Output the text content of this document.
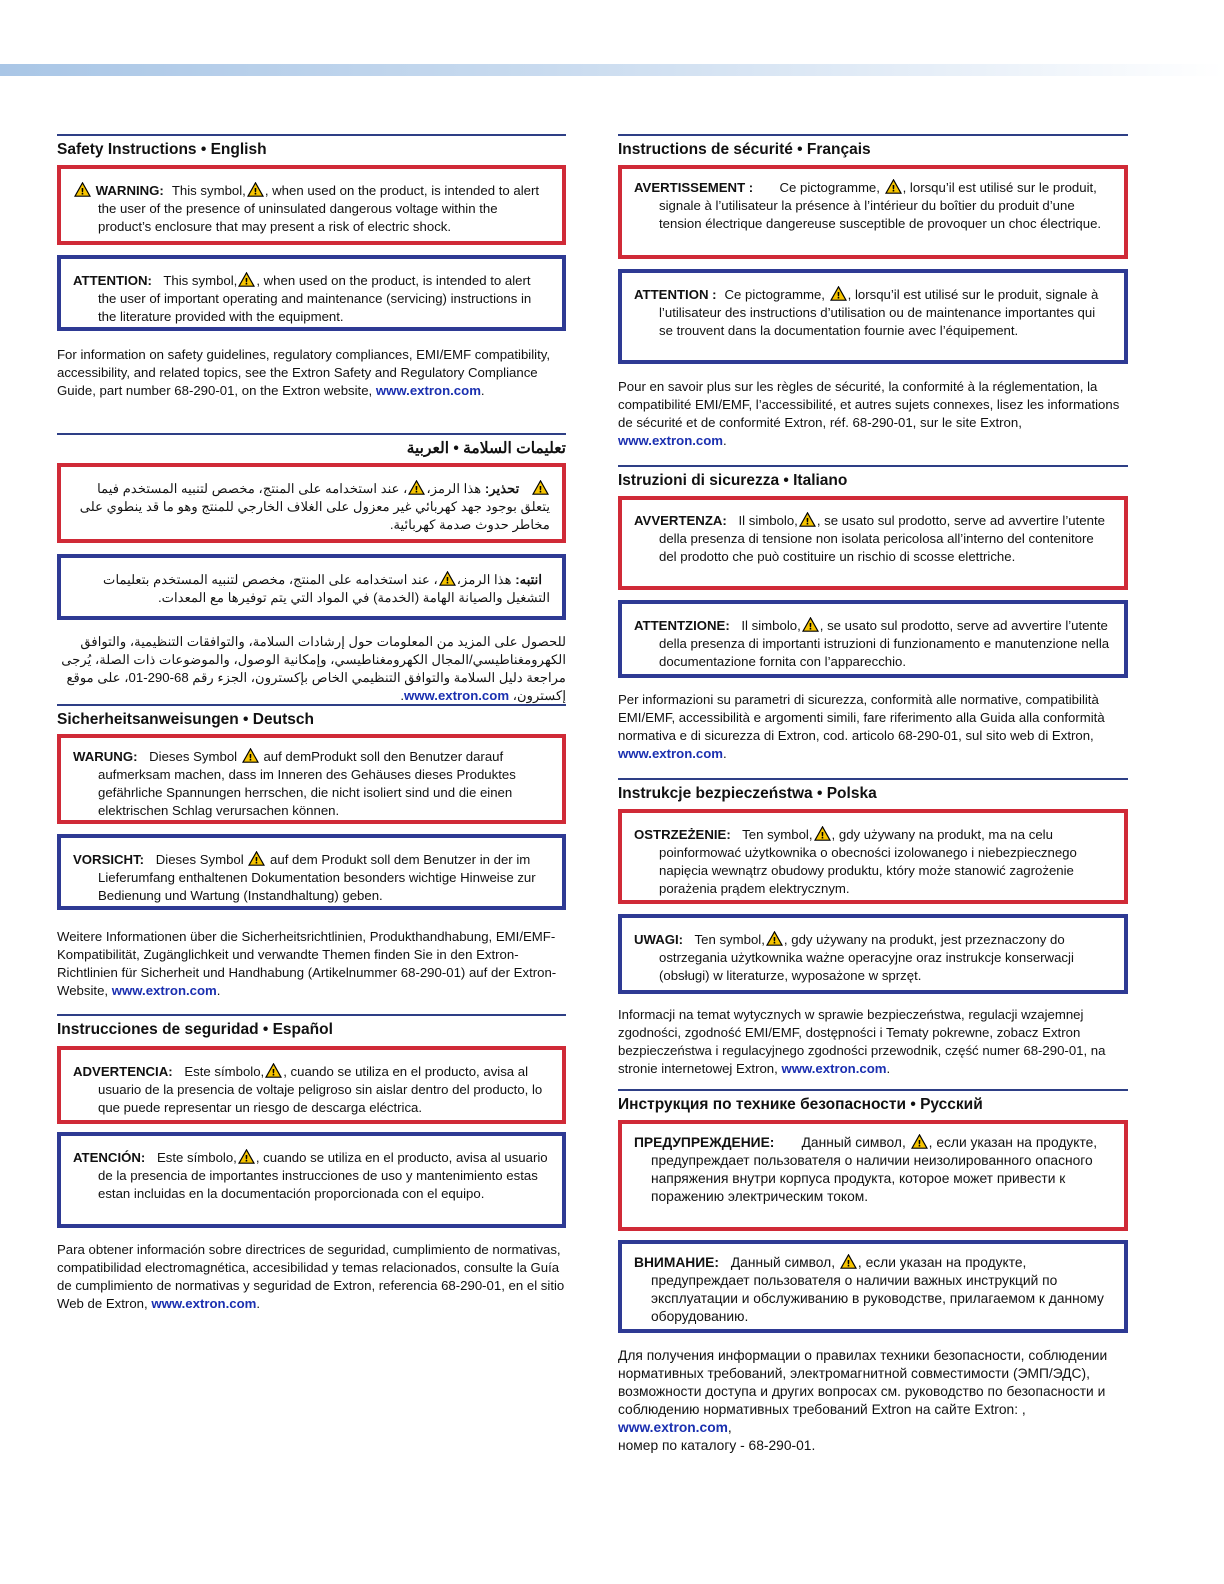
Safety Instructions • English
! WARNING: This symbol, ! , when used on the product, is intended to alert the user of the presence of uninsulated dangerous voltage within the product’s enclosure that may present a risk of electric shock.
ATTENTION: This symbol, ! , when used on the product, is intended to alert the user of important operating and maintenance (servicing) instructions in the literature provided with the equipment.
For information on safety guidelines, regulatory compliances, EMI/EMF compatibility, accessibility, and related topics, see the Extron Safety and Regulatory Compliance Guide, part number 68-290-01, on the Extron website, www.extron.com.
تعليمات السلامة • العربية
!
تحذير: هذا الرمز،
!
، عند استخدامه على المنتج، مخصص لتنبيه المستخدم فيما يتعلق بوجود جهد كهربائي غير معزول على الغلاف الخارجي للمنتج وهو ما قد ينطوي على مخاطر حدوث صدمة كهربائية.
انتبه: هذا الرمز،
!
، عند استخدامه على المنتج، مخصص لتنبيه المستخدم بتعليمات التشغيل والصيانة الهامة (الخدمة) في المواد التي يتم توفيرها مع المعدات.
للحصول على المزيد من المعلومات حول إرشادات السلامة، والتوافقات التنظيمية، والتوافق الكهرومغناطيسي/المجال الكهرومغناطيسي، وإمكانية الوصول، والموضوعات ذات الصلة، يُرجى مراجعة دليل السلامة والتوافق التنظيمي الخاص بإكسترون، الجزء رقم 68-290-01، على موقع إكسترون، www.extron.com.
Sicherheitsanweisungen • Deutsch
WARUNG: Dieses Symbol ! auf demProdukt soll den Benutzer darauf aufmerksam machen, dass im Inneren des Gehäuses dieses Produktes gefährliche Spannungen herrschen, die nicht isoliert sind und die einen elektrischen Schlag verursachen können.
VORSICHT: Dieses Symbol ! auf dem Produkt soll dem Benutzer in der im Lieferumfang enthaltenen Dokumentation besonders wichtige Hinweise zur Bedienung und Wartung (Instandhaltung) geben.
Weitere Informationen über die Sicherheitsrichtlinien, Produkthandhabung, EMI/EMF-Kompatibilität, Zugänglichkeit und verwandte Themen finden Sie in den Extron-Richtlinien für Sicherheit und Handhabung (Artikelnummer 68-290-01) auf der Extron-Website, www.extron.com.
Instrucciones de seguridad • Español
ADVERTENCIA: Este símbolo, ! , cuando se utiliza en el producto, avisa al usuario de la presencia de voltaje peligroso sin aislar dentro del producto, lo que puede representar un riesgo de descarga eléctrica.
ATENCIÓN: Este símbolo, ! , cuando se utiliza en el producto, avisa al usuario de la presencia de importantes instrucciones de uso y mantenimiento estas estan incluidas en la documentación proporcionada con el equipo.
Para obtener información sobre directrices de seguridad, cumplimiento de normativas, compatibilidad electromagnética, accesibilidad y temas relacionados, consulte la Guía de cumplimiento de normativas y seguridad de Extron, referencia 68-290-01, en el sitio Web de Extron, www.extron.com.
Instructions de sécurité • Français
AVERTISSEMENT : Ce pictogramme, ! , lorsqu’il est utilisé sur le produit, signale à l’utilisateur la présence à l’intérieur du boîtier du produit d’une tension électrique dangereuse susceptible de provoquer un choc électrique.
ATTENTION : Ce pictogramme, ! , lorsqu’il est utilisé sur le produit, signale à l’utilisateur des instructions d’utilisation ou de maintenance importantes qui se trouvent dans la documentation fournie avec l’équipement.
Pour en savoir plus sur les règles de sécurité, la conformité à la réglementation, la compatibilité EMI/EMF, l’accessibilité, et autres sujets connexes, lisez les informations de sécurité et de conformité Extron, réf. 68-290-01, sur le site Extron, www.extron.com.
Istruzioni di sicurezza • Italiano
AVVERTENZA: Il simbolo, ! , se usato sul prodotto, serve ad avvertire l’utente della presenza di tensione non isolata pericolosa all’interno del contenitore del prodotto che può costituire un rischio di scosse elettriche.
ATTENTZIONE: Il simbolo, ! , se usato sul prodotto, serve ad avvertire l’utente della presenza di importanti istruzioni di funzionamento e manutenzione nella documentazione fornita con l’apparecchio.
Per informazioni su parametri di sicurezza, conformità alle normative, compatibilità EMI/EMF, accessibilità e argomenti simili, fare riferimento alla Guida alla conformità normativa e di sicurezza di Extron, cod. articolo 68-290-01, sul sito web di Extron, www.extron.com.
Instrukcje bezpieczeństwa • Polska
OSTRZEŻENIE: Ten symbol, ! , gdy używany na produkt, ma na celu poinformować użytkownika o obecności izolowanego i niebezpiecznego napięcia wewnątrz obudowy produktu, który może stanowić zagrożenie porażenia prądem elektrycznym.
UWAGI: Ten symbol, ! , gdy używany na produkt, jest przeznaczony do ostrzegania użytkownika ważne operacyjne oraz instrukcje konserwacji (obsługi) w literaturze, wyposażone w sprzęt.
Informacji na temat wytycznych w sprawie bezpieczeństwa, regulacji wzajemnej zgodności, zgodność EMI/EMF, dostępności i Tematy pokrewne, zobacz Extron bezpieczeństwa i regulacyjnego zgodności przewodnik, część numer 68-290-01, na stronie internetowej Extron, www.extron.com.
Инструкция по технике безопасности • Русский
ПРЕДУПРЕЖДЕНИЕ: Данный символ, ! , если указан на продукте, предупреждает пользователя о наличии неизолированного опасного напряжения внутри корпуса продукта, которое может привести к поражению электрическим током.
ВНИМАНИЕ: Данный символ, ! , если указан на продукте, предупреждает пользователя о наличии важных инструкций по эксплуатации и обслуживанию в руководстве, прилагаемом к данному оборудованию.
Для получения информации о правилах техники безопасности, соблюдении нормативных требований, электромагнитной совместимости (ЭМП/ЭДС), возможности доступа и других вопросах см. руководство по безопасности и соблюдению нормативных требований Extron на сайте Extron: , www.extron.com,
номер по каталогу - 68-290-01.
